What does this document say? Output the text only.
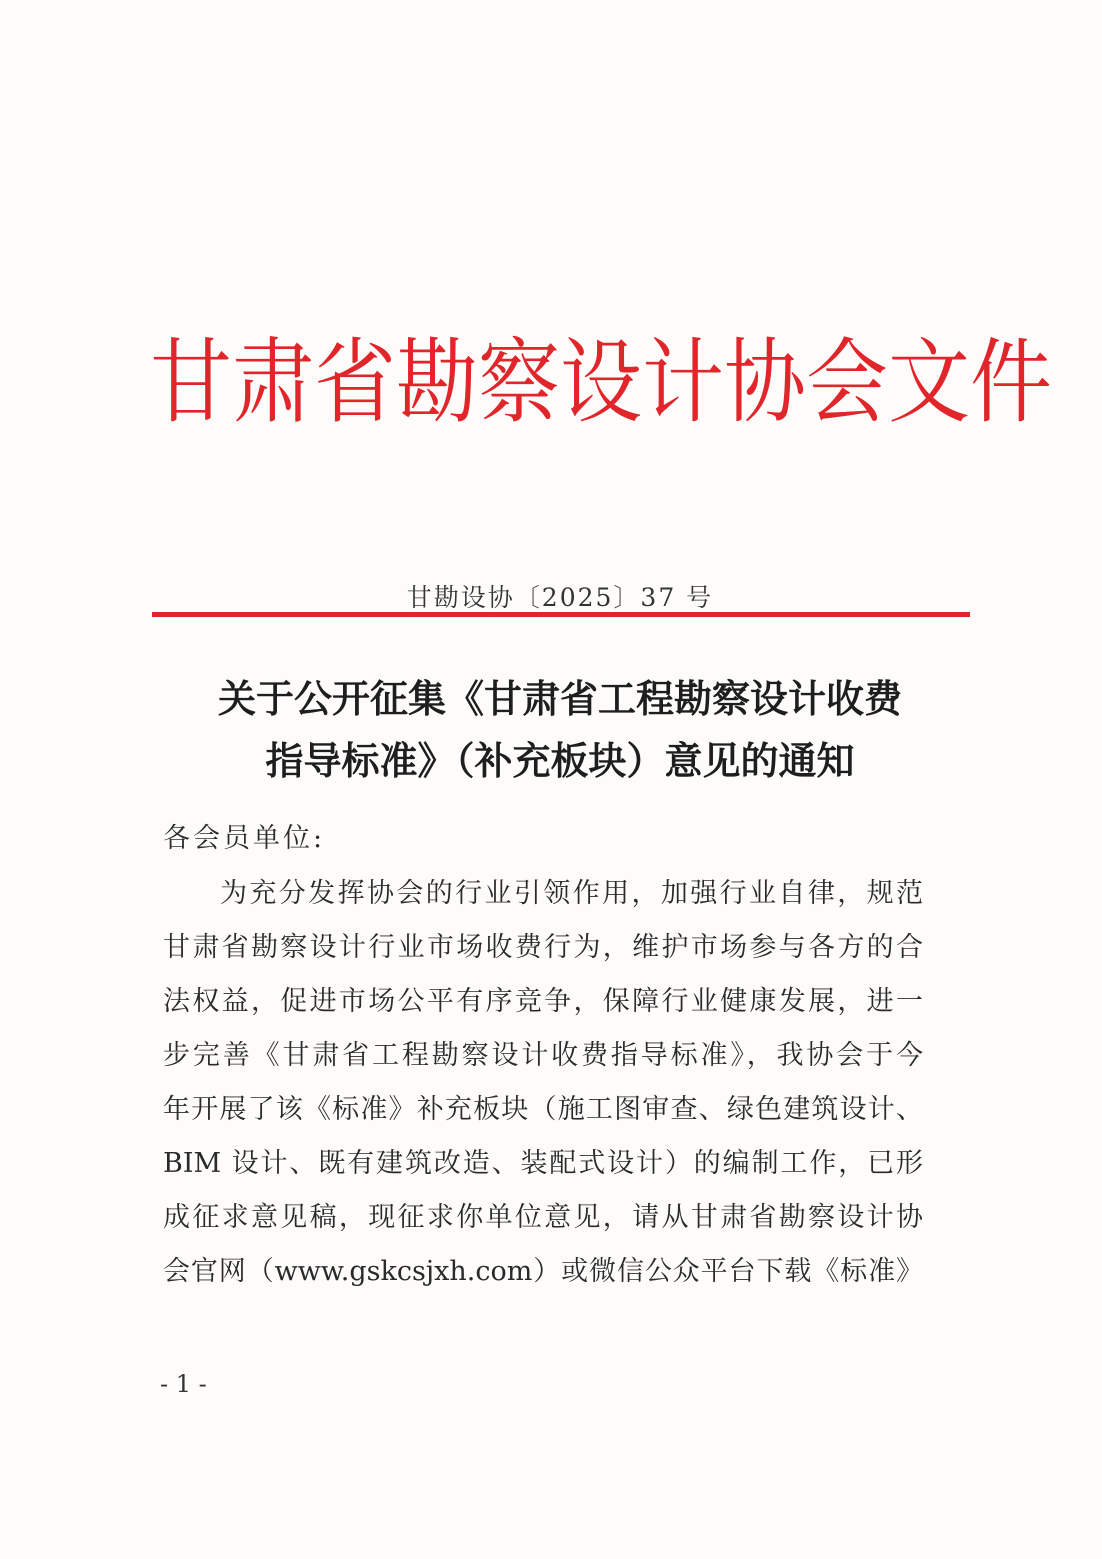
甘肃省勘察设计协会文件
甘勘设协〔2025〕37 号
关于公开征集《甘肃省工程勘察设计收费
指导标准》（补充板块）意见的通知
各会员单位:
为充分发挥协会的行业引领作用，加强行业自律，规范
甘肃省勘察设计行业市场收费行为，维护市场参与各方的合
法权益，促进市场公平有序竞争，保障行业健康发展，进一
步完善《甘肃省工程勘察设计收费指导标准》，我协会于今
年开展了该《标准》补充板块（施工图审查、绿色建筑设计、
BIM 设计、既有建筑改造、装配式设计）的编制工作，已形
成征求意见稿，现征求你单位意见，请从甘肃省勘察设计协
会官网（www.gskcsjxh.com）或微信公众平台下载《标准》
- 1 -
